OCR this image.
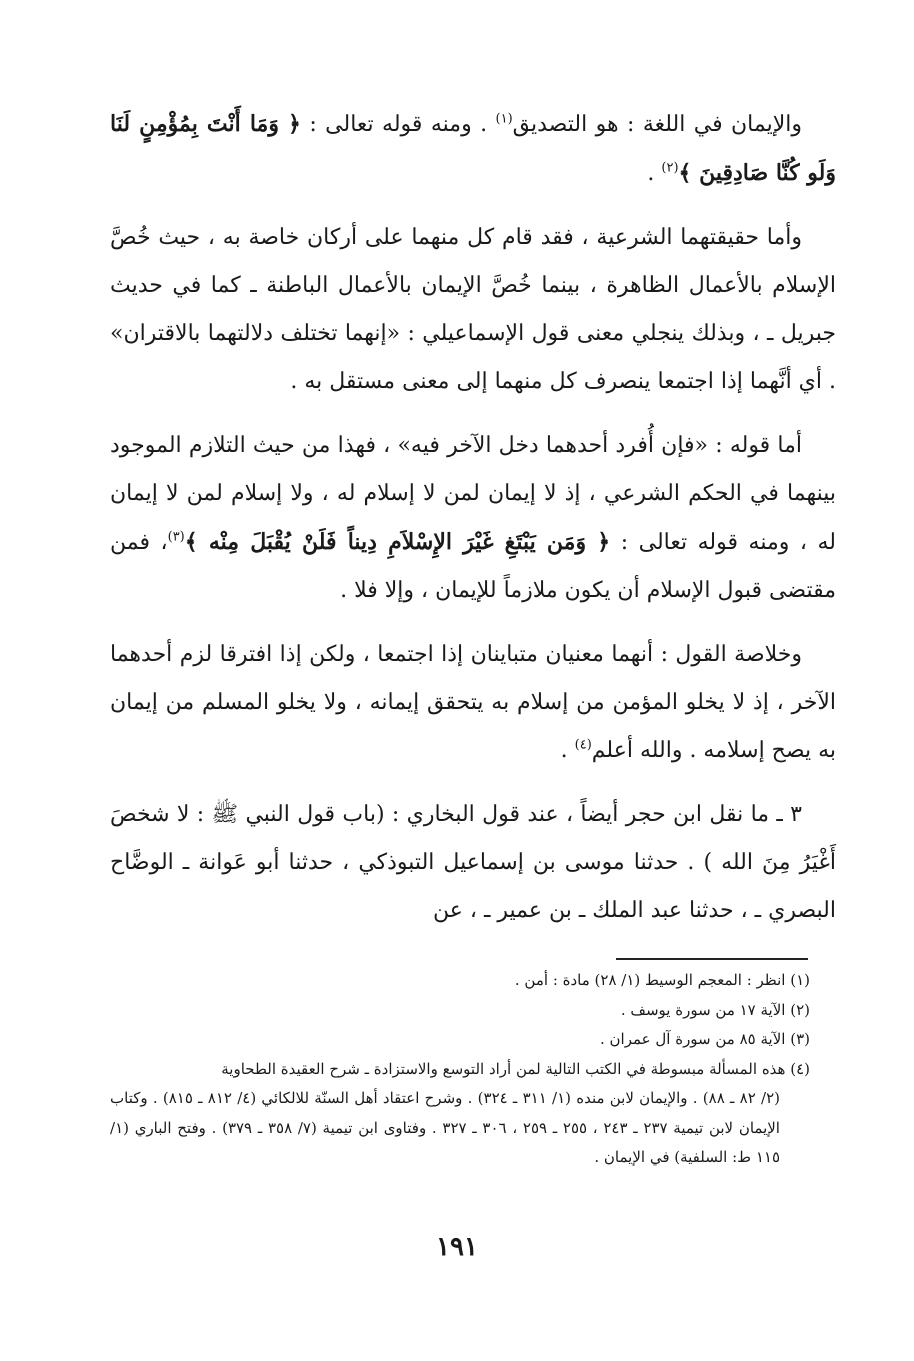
والإيمان في اللغة : هو التصديق$^{(١)}$ . ومنه قوله تعالى : ﴿ وَمَا أَنْتَ بِمُؤْمِنٍ لَنَا وَلَو كُنَّا صَادِقِينَ ﴾$^{(٢)}$ .

وأما حقيقتهما الشرعية ، فقد قام كل منهما على أركان خاصة به ، حيث خُصَّ الإسلام بالأعمال الظاهرة ، بينما خُصَّ الإيمان بالأعمال الباطنة ـ كما في حديث جبريل ـ ، وبذلك ينجلي معنى قول الإسماعيلي : «إنهما تختلف دلالتهما بالاقتران» . أي أنَّهما إذا اجتمعا ينصرف كل منهما إلى معنى مستقل به .

أما قوله : «فإن أُفرد أحدهما دخل الآخر فيه» ، فهذا من حيث التلازم الموجود بينهما في الحكم الشرعي ، إذ لا إيمان لمن لا إسلام له ، ولا إسلام لمن لا إيمان له ، ومنه قوله تعالى : ﴿ وَمَن يَبْتَغِ غَيْرَ الإِسْلاَمِ دِيناً فَلَنْ يُقْبَلَ مِنْه ﴾$^{(٣)}$، فمن مقتضى قبول الإسلام أن يكون ملازماً للإيمان ، وإلا فلا .

وخلاصة القول : أنهما معنيان متباينان إذا اجتمعا ، ولكن إذا افترقا لزم أحدهما الآخر ، إذ لا يخلو المؤمن من إسلام به يتحقق إيمانه ، ولا يخلو المسلم من إيمان به يصح إسلامه . والله أعلم$^{(٤)}$ .

٣ ـ ما نقل ابن حجر أيضاً ، عند قول البخاري : (باب قول النبي ﷺ : لا شخصَ أَغْيَرُ مِنَ الله ) . حدثنا موسى بن إسماعيل التبوذكي ، حدثنا أبو عَوانة ـ الوضَّاح البصري ـ ، حدثنا عبد الملك ـ بن عمير ـ ، عن

(١) انظر : المعجم الوسيط (١/ ٢٨) مادة : أمن .

(٢) الآية ١٧ من سورة يوسف .

(٣) الآية ٨٥ من سورة آل عمران .

(٤) هذه المسألة مبسوطة في الكتب التالية لمن أراد التوسع والاستزادة ـ شرح العقيدة الطحاوية

(٢/ ٨٢ ـ ٨٨) . والإيمان لابن منده (١/ ٣١١ ـ ٣٢٤) . وشرح اعتقاد أهل السنّة للالكائي (٤/ ٨١٢ ـ ٨١٥) . وكتاب الإيمان لابن تيمية ٢٣٧ ـ ٢٤٣ ، ٢٥٥ ـ ٢٥٩ ، ٣٠٦ ـ ٣٢٧ . وفتاوى ابن تيمية (٧/ ٣٥٨ ـ ٣٧٩) . وفتح الباري (١/ ١١٥ ط: السلفية) في الإيمان .

١٩١
